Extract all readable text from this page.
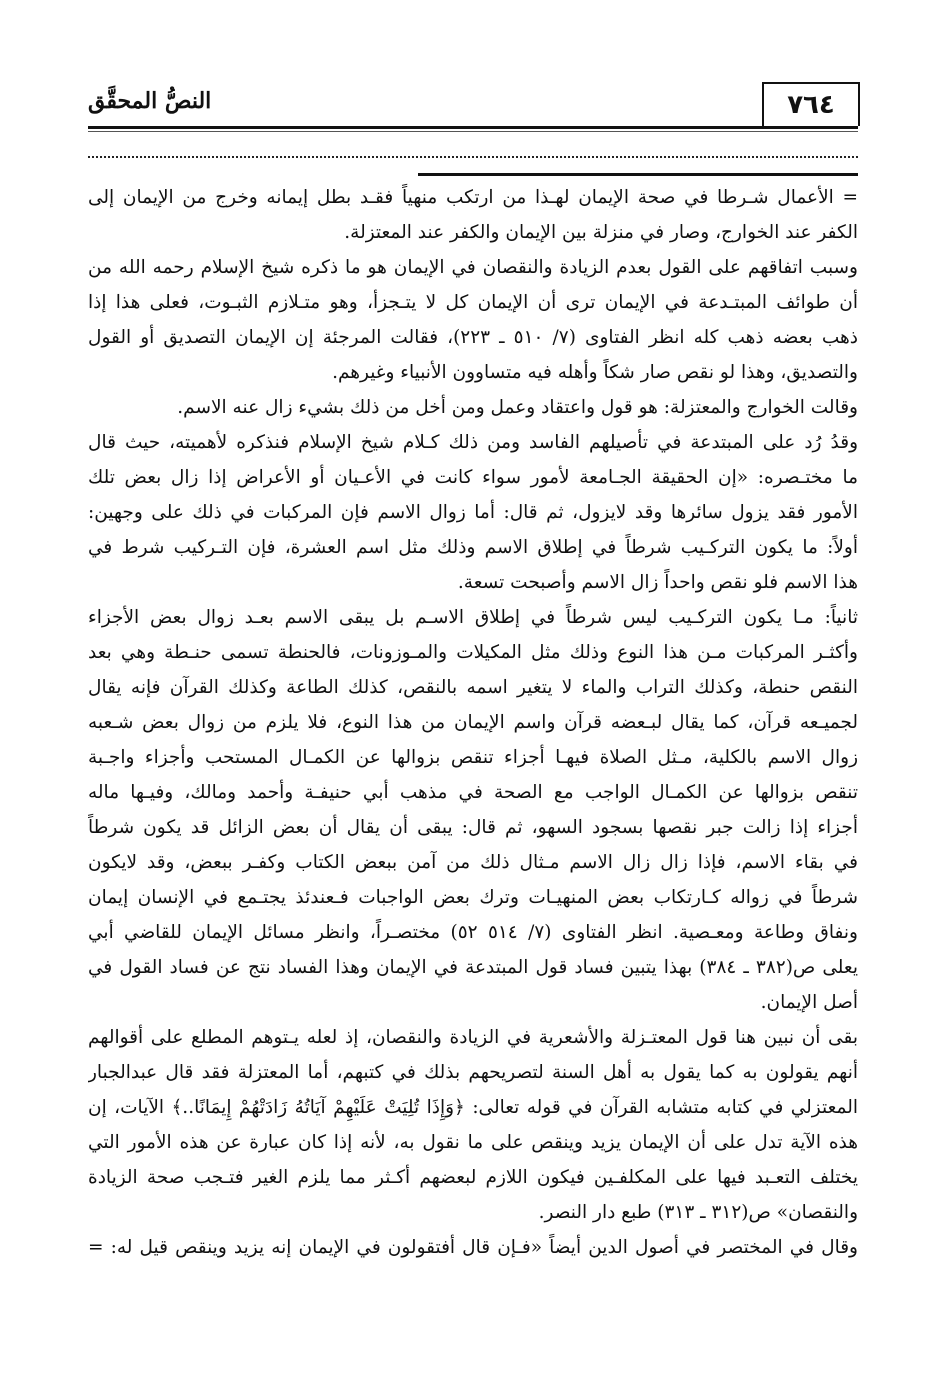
٧٦٤
النصُّ المحقَّق
= الأعمال شـرطا في صحة الإيمان لهـذا من ارتكب منهياً فقـد بطل إيمانه وخرج من الإيمان إلى
الكفر عند الخوارج، وصار في منزلة بين الإيمان والكفر عند المعتزلة.
وسبب اتفاقهم على القول بعدم الزيادة والنقصان في الإيمان هو ما ذكره شيخ الإسلام رحمه الله من
أن طوائف المبتـدعة في الإيمان ترى أن الإيمان كل لا يتـجزأ، وهو متـلازم الثبـوت، فعلى هذا إذا
ذهب بعضه ذهب كله انظر الفتاوى (٧/ ٥١٠ ـ ٢٢٣)، فقالت المرجئة إن الإيمان التصديق أو القول
والتصديق، وهذا لو نقص صار شكاً وأهله فيه متساوون الأنبياء وغيرهم.
وقالت الخوارج والمعتزلة: هو قول واعتقاد وعمل ومن أخل من ذلك بشيء زال عنه الاسم.
وقدُ رُد على المبتدعة في تأصيلهم الفاسد ومن ذلك كـلام شيخ الإسلام فنذكره لأهميته، حيث قال
ما مختـصره: «إن الحقيقة الجـامعة لأمور سواء كانت في الأعـيان أو الأعراض إذا زال بعض تلك
الأمور فقد يزول سائرها وقد لايزول، ثم قال: أما زوال الاسم فإن المركبات في ذلك على وجهين:
أولاً: ما يكون التركـيب شرطاً في إطلاق الاسم وذلك مثل اسم العشرة، فإن التـركيب شرط في
هذا الاسم فلو نقص واحداً زال الاسم وأصبحت تسعة.
ثانياً: مـا يكون التركـيب ليس شرطاً في إطلاق الاسـم بل يبقى الاسم بعـد زوال بعض الأجزاء
وأكثـر المركبات مـن هذا النوع وذلك مثل المكيلات والمـوزونات، فالحنطة تسمى حنـطة وهي بعد
النقص حنطة، وكذلك التراب والماء لا يتغير اسمه بالنقص، كذلك الطاعة وكذلك القرآن فإنه يقال
لجميـعه قرآن، كما يقال لبـعضه قرآن واسم الإيمان من هذا النوع، فلا يلزم من زوال بعض شـعبه
زوال الاسم بالكلية، مـثل الصلاة فيهـا أجزاء تنقص بزوالها عن الكمـال المستحب وأجزاء واجـبة
تنقص بزوالها عن الكمـال الواجب مع الصحة في مذهب أبي حنيفـة وأحمد ومالك، وفيـها ماله
أجزاء إذا زالت جبر نقصها بسجود السهو، ثم قال: يبقى أن يقال أن بعض الزائل قد يكون شرطاً
في بقاء الاسم، فإذا زال زال الاسم مـثال ذلك من آمن ببعض الكتاب وكفـر ببعض، وقد لايكون
شرطاً في زواله كـارتكاب بعض المنهيـات وترك بعض الواجبات فـعندئذ يجتـمع في الإنسان إيمان
ونفاق وطاعة ومعـصية. انظر الفتاوى (٧/ ٥١٤ ٥٢) مختصـراً، وانظر مسائل الإيمان للقاضي أبي
يعلى ص(٣٨٢ ـ ٣٨٤) بهذا يتبين فساد قول المبتدعة في الإيمان وهذا الفساد نتج عن فساد القول في
أصل الإيمان.
بقى أن نبين هنا قول المعتـزلة والأشعرية في الزيادة والنقصان، إذ لعله يـتوهم المطلع على أقوالهم
أنهم يقولون به كما يقول به أهل السنة لتصريحهم بذلك في كتبهم، أما المعتزلة فقد قال عبدالجبار
المعتزلي في كتابه متشابه القرآن في قوله تعالى: ﴿وَإِذَا تُلِيَتْ عَلَيْهِمْ آيَاتُهُ زَادَتْهُمْ إِيمَانًا..﴾ الآيات، إن
هذه الآية تدل على أن الإيمان يزيد وينقص على ما نقول به، لأنه إذا كان عبارة عن هذه الأمور التي
يختلف التعـبد فيها على المكلفـين فيكون اللازم لبعضهم أكـثر مما يلزم الغير فتـجب صحة الزيادة
والنقصان» ص(٣١٢ ـ ٣١٣) طبع دار النصر.
وقال في المختصر في أصول الدين أيضاً «فـإن قال أفتقولون في الإيمان إنه يزيد وينقص قيل له: =
